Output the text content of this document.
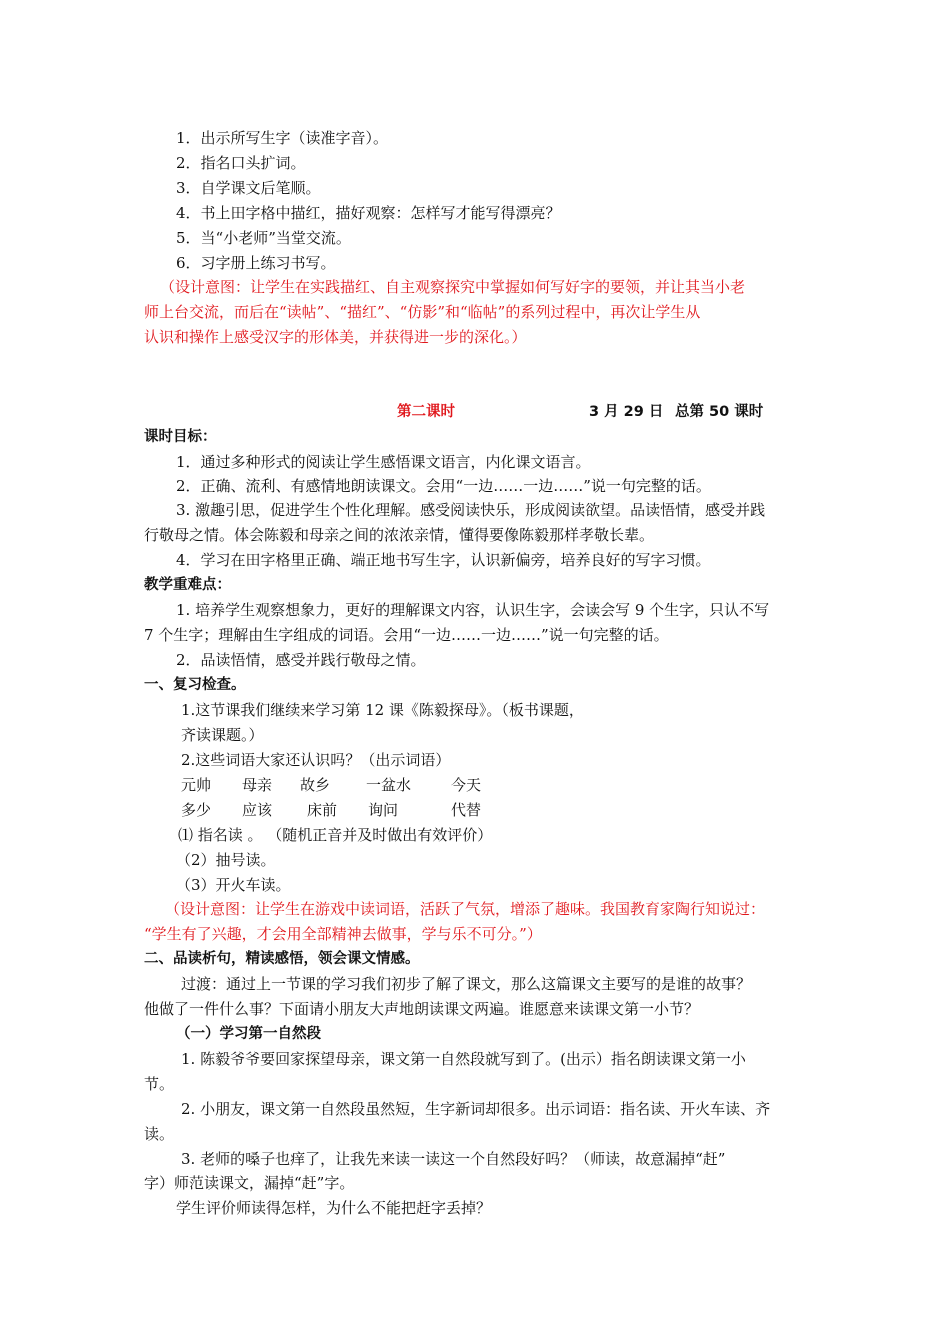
1．出示所写生字（读准字音）。
2．指名口头扩词。
3．自学课文后笔顺。
4．书上田字格中描红，描好观察：怎样写才能写得漂亮？
5．当“小老师”当堂交流。
6．习字册上练习书写。
（设计意图：让学生在实践描红、自主观察探究中掌握如何写好字的要领，并让其当小老
师上台交流，而后在“读帖”、“描红”、“仿影”和“临帖”的系列过程中，再次让学生从
认识和操作上感受汉字的形体美，并获得进一步的深化。）
第二课时	3 月 29 日 总第 50 课时
课时目标：
1．通过多种形式的阅读让学生感悟课文语言，内化课文语言。
2．正确、流利、有感情地朗读课文。会用“一边……一边……”说一句完整的话。
3. 激趣引思，促进学生个性化理解。感受阅读快乐，形成阅读欲望。品读悟情，感受并践
行敬母之情。体会陈毅和母亲之间的浓浓亲情，懂得要像陈毅那样孝敬长辈。
4．学习在田字格里正确、端正地书写生字，认识新偏旁，培养良好的写字习惯。
教学重难点：
1. 培养学生观察想象力，更好的理解课文内容，认识生字，会读会写 9 个生字，只认不写
7 个生字；理解由生字组成的词语。会用“一边……一边……”说一句完整的话。
2．品读悟情，感受并践行敬母之情。
一、复习检查。
1.这节课我们继续来学习第 12 课《陈毅探母》。（板书课题，
齐读课题。）
2.这些词语大家还认识吗？（出示词语）
元帅 母亲 故乡 一盆水	今天
多少 应该 床前 询问	代替
⑴ 指名读 。 （随机正音并及时做出有效评价）
（2）抽号读。
（3）开火车读。
（设计意图：让学生在游戏中读词语，活跃了气氛，增添了趣味。我国教育家陶行知说过：
“学生有了兴趣，才会用全部精神去做事，学与乐不可分。”）
二、品读析句，精读感悟，领会课文情感。
过渡：通过上一节课的学习我们初步了解了课文，那么这篇课文主要写的是谁的故事？
他做了一件什么事？下面请小朋友大声地朗读课文两遍。谁愿意来读课文第一小节？
（一）学习第一自然段
1. 陈毅爷爷要回家探望母亲，课文第一自然段就写到了。(出示）指名朗读课文第一小
节。
2. 小朋友，课文第一自然段虽然短，生字新词却很多。出示词语：指名读、开火车读、齐
读。
3. 老师的嗓子也痒了，让我先来读一读这一个自然段好吗？（师读，故意漏掉“赶”
字）师范读课文，漏掉“赶”字。
学生评价师读得怎样，为什么不能把赶字丢掉？
